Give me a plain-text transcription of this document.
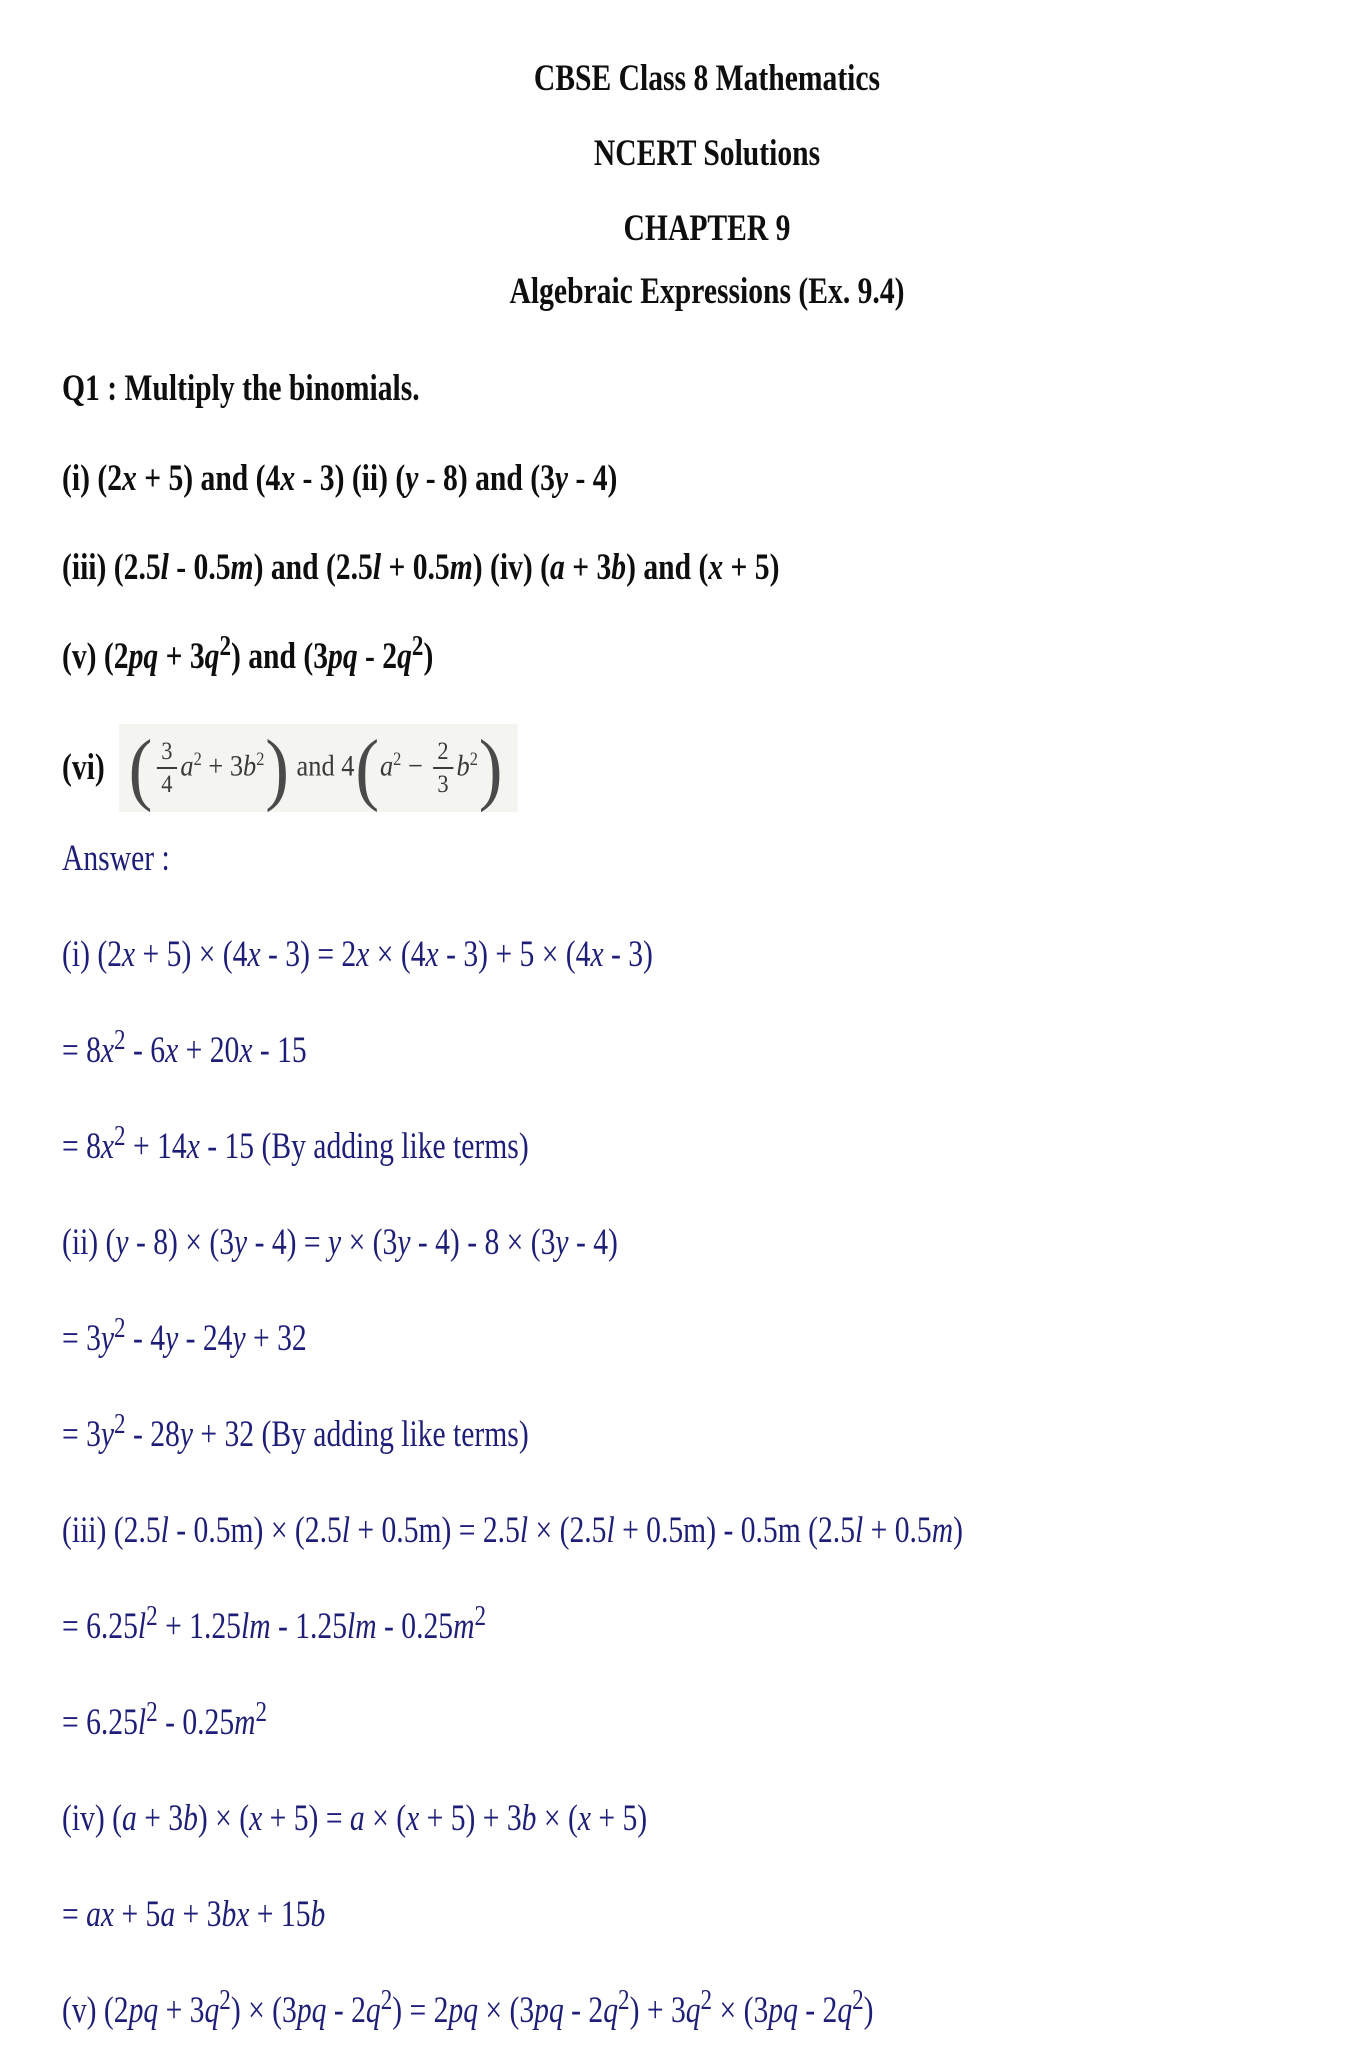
CBSE Class 8 Mathematics
NCERT Solutions
CHAPTER 9
Algebraic Expressions (Ex. 9.4)
Q1 : Multiply the binomials.
(i) (2x + 5) and (4x - 3) (ii) (y - 8) and (3y - 4)
(iii) (2.5l - 0.5m) and (2.5l + 0.5m) (iv) (a + 3b) and (x + 5)
(v) $(2pq + 3q^2)$ and $(3pq - 2q^2)$
(vi) ( $\frac{3}{4} a^2 + 3b^2$) and $4(a^2 - \frac{2}{3} b^2)$
Answer :
(i) (2x + 5) × (4x - 3) = 2x × (4x - 3) + 5 × (4x - 3)
= $8x^2 - 6x + 20x - 15$
= $8x^2 + 14x - 15$ (By adding like terms)
(ii) (y - 8) × (3y - 4) = y × (3y - 4) - 8 × (3y - 4)
= $3y^2 - 4y - 24y + 32$
= $3y^2 - 28y + 32$ (By adding like terms)
(iii) (2.5l - 0.5m) × (2.5l + 0.5m) = 2.5l × (2.5l + 0.5m) - 0.5m (2.5l + 0.5m)
= $6.25l^2 + 1.25lm - 1.25lm - 0.25m^2$
= $6.25l^2 - 0.25m^2$
(iv) (a + 3b) × (x + 5) = a × (x + 5) + 3b × (x + 5)
= ax + 5a + 3bx + 15b
(v) $(2pq + 3q^2) \times (3pq - 2q^2) = 2pq \times (3pq - 2q^2) + 3q^2 \times (3pq - 2q^2)$
